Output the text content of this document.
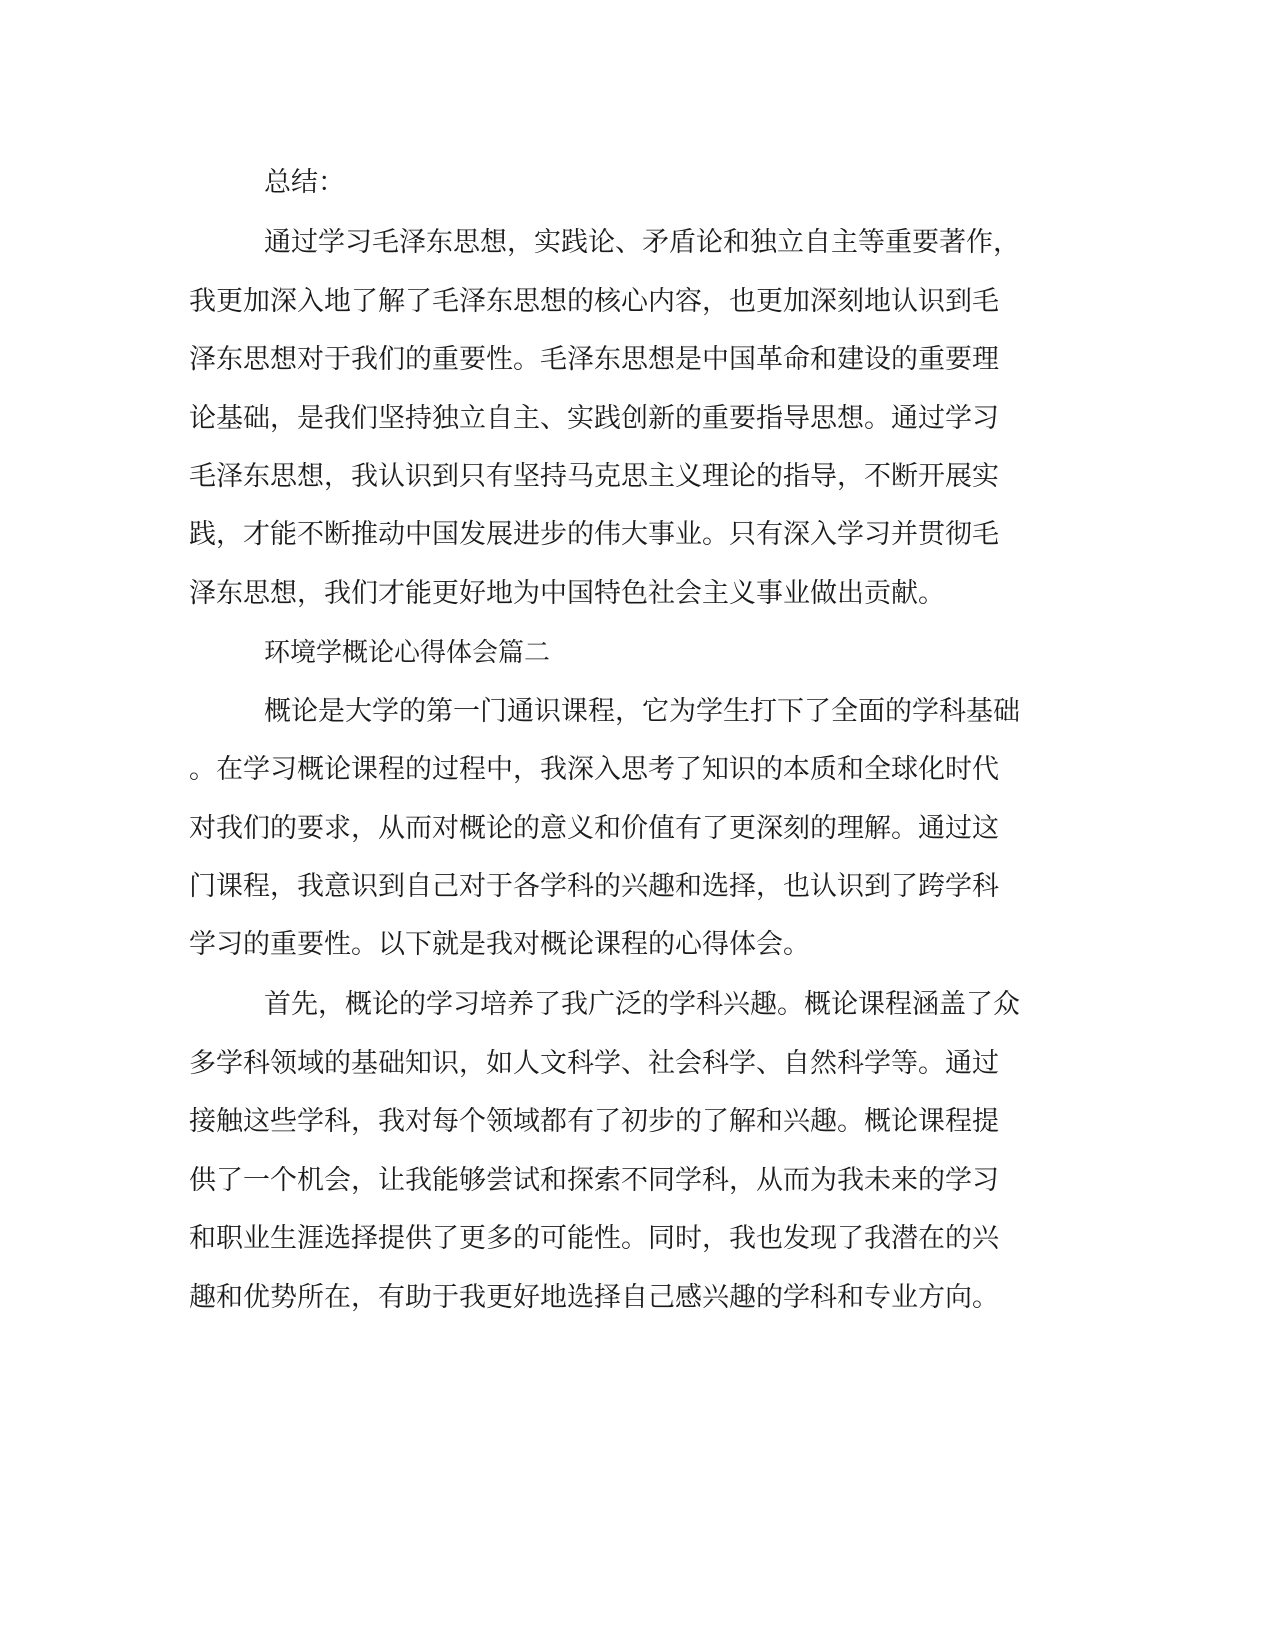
总结：
通过学习毛泽东思想，实践论、矛盾论和独立自主等重要著作，
我更加深入地了解了毛泽东思想的核心内容，也更加深刻地认识到毛
泽东思想对于我们的重要性。毛泽东思想是中国革命和建设的重要理
论基础，是我们坚持独立自主、实践创新的重要指导思想。通过学习
毛泽东思想，我认识到只有坚持马克思主义理论的指导，不断开展实
践，才能不断推动中国发展进步的伟大事业。只有深入学习并贯彻毛
泽东思想，我们才能更好地为中国特色社会主义事业做出贡献。
环境学概论心得体会篇二
概论是大学的第一门通识课程，它为学生打下了全面的学科基础
。在学习概论课程的过程中，我深入思考了知识的本质和全球化时代
对我们的要求，从而对概论的意义和价值有了更深刻的理解。通过这
门课程，我意识到自己对于各学科的兴趣和选择，也认识到了跨学科
学习的重要性。以下就是我对概论课程的心得体会。
首先，概论的学习培养了我广泛的学科兴趣。概论课程涵盖了众
多学科领域的基础知识，如人文科学、社会科学、自然科学等。通过
接触这些学科，我对每个领域都有了初步的了解和兴趣。概论课程提
供了一个机会，让我能够尝试和探索不同学科，从而为我未来的学习
和职业生涯选择提供了更多的可能性。同时，我也发现了我潜在的兴
趣和优势所在，有助于我更好地选择自己感兴趣的学科和专业方向。
